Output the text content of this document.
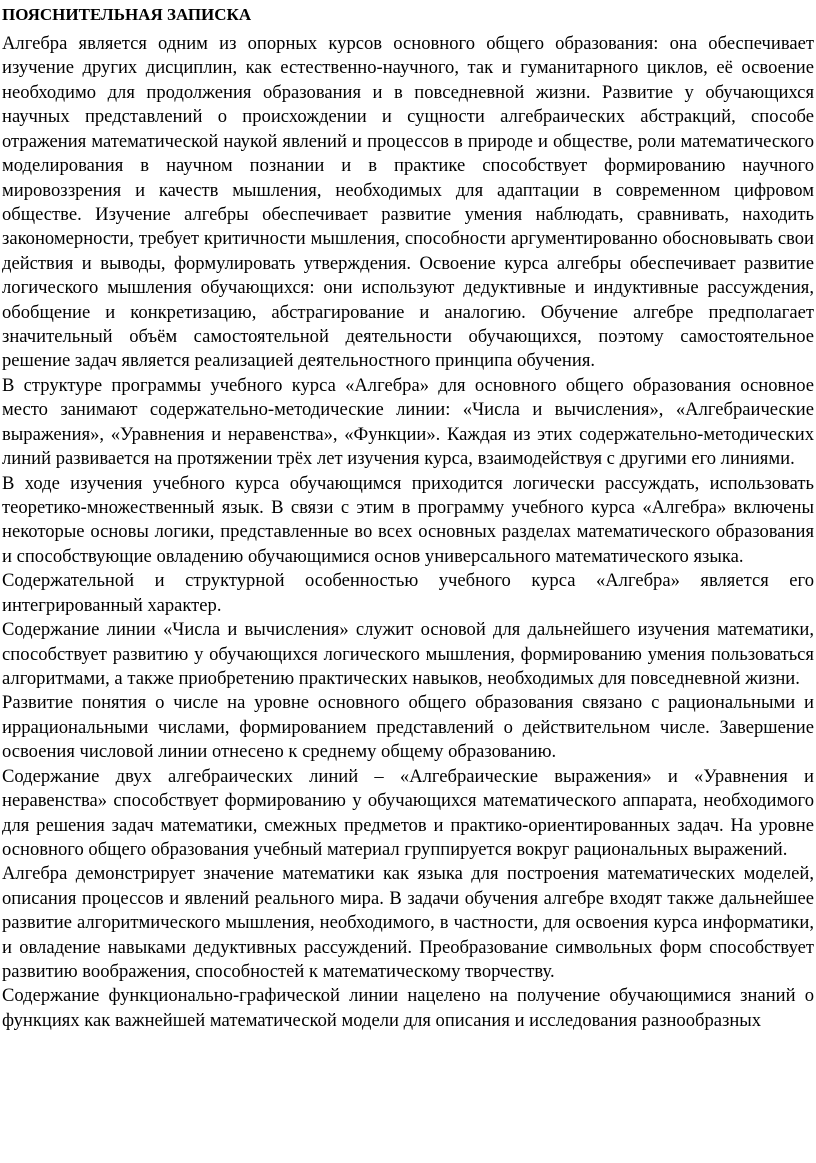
ПОЯСНИТЕЛЬНАЯ ЗАПИСКА

Алгебра является одним из опорных курсов основного общего образования: она обеспечивает изучение других дисциплин, как естественно-научного, так и гуманитарного циклов, её освоение необходимо для продолжения образования и в повседневной жизни. Развитие у обучающихся научных представлений о происхождении и сущности алгебраических абстракций, способе отражения математической наукой явлений и процессов в природе и обществе, роли математического моделирования в научном познании и в практике способствует формированию научного мировоззрения и качеств мышления, необходимых для адаптации в современном цифровом обществе. Изучение алгебры обеспечивает развитие умения наблюдать, сравнивать, находить закономерности, требует критичности мышления, способности аргументированно обосновывать свои действия и выводы, формулировать утверждения. Освоение курса алгебры обеспечивает развитие логического мышления обучающихся: они используют дедуктивные и индуктивные рассуждения, обобщение и конкретизацию, абстрагирование и аналогию. Обучение алгебре предполагает значительный объём самостоятельной деятельности обучающихся, поэтому самостоятельное решение задач является реализацией деятельностного принципа обучения.

В структуре программы учебного курса «Алгебра» для основного общего образования основное место занимают содержательно-методические линии: «Числа и вычисления», «Алгебраические выражения», «Уравнения и неравенства», «Функции». Каждая из этих содержательно-методических линий развивается на протяжении трёх лет изучения курса, взаимодействуя с другими его линиями.

В ходе изучения учебного курса обучающимся приходится логически рассуждать, использовать теоретико-множественный язык. В связи с этим в программу учебного курса «Алгебра» включены некоторые основы логики, представленные во всех основных разделах математического образования и способствующие овладению обучающимися основ универсального математического языка.

Содержательной и структурной особенностью учебного курса «Алгебра» является его интегрированный характер.

Содержание линии «Числа и вычисления» служит основой для дальнейшего изучения математики, способствует развитию у обучающихся логического мышления, формированию умения пользоваться алгоритмами, а также приобретению практических навыков, необходимых для повседневной жизни.

Развитие понятия о числе на уровне основного общего образования связано с рациональными и иррациональными числами, формированием представлений о действительном числе. Завершение освоения числовой линии отнесено к среднему общему образованию.

Содержание двух алгебраических линий – «Алгебраические выражения» и «Уравнения и неравенства» способствует формированию у обучающихся математического аппарата, необходимого для решения задач математики, смежных предметов и практико-ориентированных задач. На уровне основного общего образования учебный материал группируется вокруг рациональных выражений.

Алгебра демонстрирует значение математики как языка для построения математических моделей, описания процессов и явлений реального мира. В задачи обучения алгебре входят также дальнейшее развитие алгоритмического мышления, необходимого, в частности, для освоения курса информатики, и овладение навыками дедуктивных рассуждений. Преобразование символьных форм способствует развитию воображения, способностей к математическому творчеству.

Содержание функционально-графической линии нацелено на получение обучающимися знаний о функциях как важнейшей математической модели для описания и исследования разнообразных
